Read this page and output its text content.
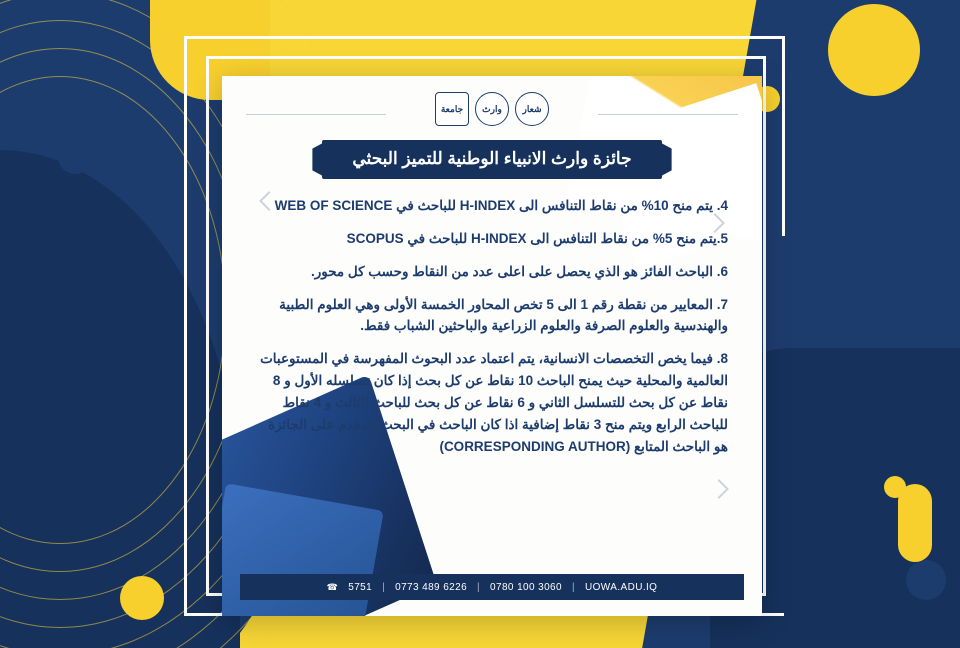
شعار
وارث
جامعة
جائزة وارث الانبياء الوطنية للتميز البحثي

4. يتم منح 10% من نقاط التنافس الى H-INDEX للباحث في WEB OF SCIENCE

5.يتم منح 5% من نقاط التنافس الى H-INDEX للباحث في SCOPUS

6. الباحث الفائز هو الذي يحصل على اعلى عدد من النقاط وحسب كل محور.

7. المعايير من نقطة رقم 1 الى 5 تخص المحاور الخمسة الأولى وهي العلوم الطبية والهندسية والعلوم الصرفة والعلوم الزراعية والباحثين الشباب فقط.

8. فيما يخص التخصصات الانسانية، يتم اعتماد عدد البحوث المفهرسة في المستوعبات العالمية والمحلية حيث يمنح الباحث 10 نقاط عن كل بحث إذا كان تسلسله الأول و 8 نقاط عن كل بحث للتسلسل الثاني و 6 نقاط عن كل بحث للباحث الثالث و 4 نقاط للباحث الرابع ويتم منح 3 نقاط إضافية اذا كان الباحث في البحث المقدم على الجائزة هو الباحث المتابع (CORRESPONDING AUTHOR)

☎ 5751 | 0773 489 6226 | 0780 100 3060 | UOWA.ADU.IQ
